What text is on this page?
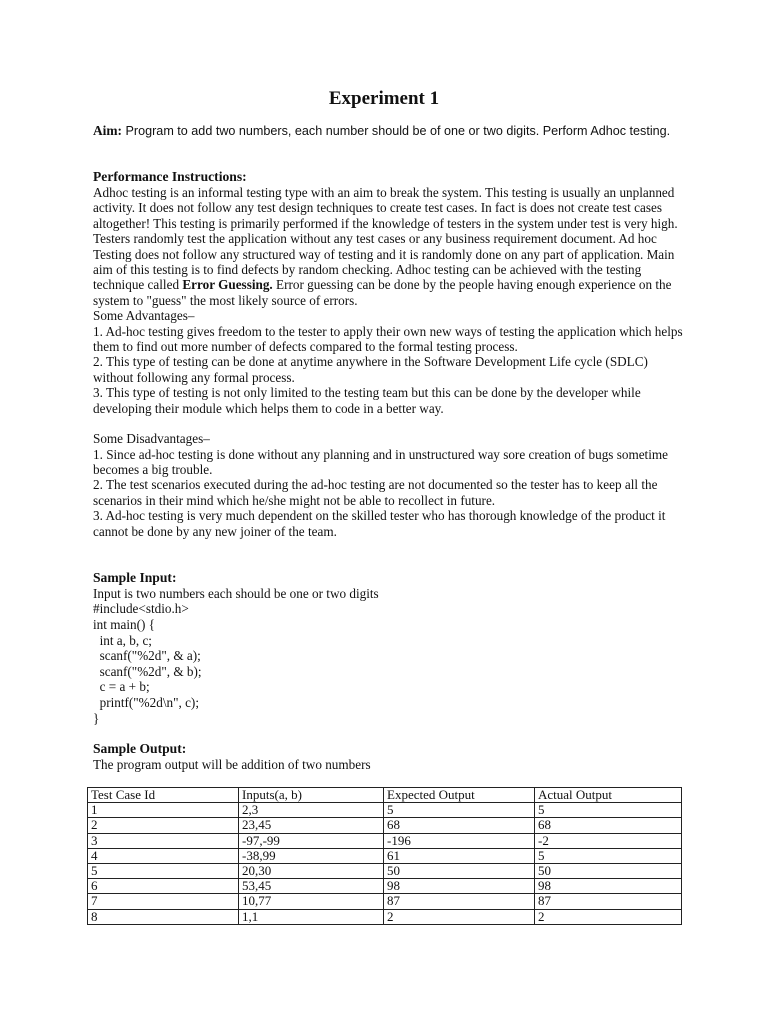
Experiment 1
Aim: Program to add two numbers, each number should be of one or two digits. Perform Adhoc testing.

Performance Instructions:

Adhoc testing is an informal testing type with an aim to break the system. This testing is usually an unplanned activity. It does not follow any test design techniques to create test cases. In fact is does not create test cases altogether! This testing is primarily performed if the knowledge of testers in the system under test is very high. Testers randomly test the application without any test cases or any business requirement document. Ad hoc Testing does not follow any structured way of testing and it is randomly done on any part of application. Main aim of this testing is to find defects by random checking. Adhoc testing can be achieved with the testing technique called Error Guessing. Error guessing can be done by the people having enough experience on the system to "guess" the most likely source of errors.

Some Advantages–

1. Ad-hoc testing gives freedom to the tester to apply their own new ways of testing the application which helps them to find out more number of defects compared to the formal testing process.

2. This type of testing can be done at anytime anywhere in the Software Development Life cycle (SDLC) without following any formal process.

3. This type of testing is not only limited to the testing team but this can be done by the developer while developing their module which helps them to code in a better way.

Some Disadvantages–

1. Since ad-hoc testing is done without any planning and in unstructured way sore creation of bugs sometime becomes a big trouble.

2. The test scenarios executed during the ad-hoc testing are not documented so the tester has to keep all the scenarios in their mind which he/she might not be able to recollect in future.

3. Ad-hoc testing is very much dependent on the skilled tester who has thorough knowledge of the product it cannot be done by any new joiner of the team.

Sample Input:

Input is two numbers each should be one or two digits

#include<stdio.h>
int main() {
int a, b, c;
scanf("%2d", & a);
scanf("%2d", & b);
c = a + b;
printf("%2d\n", c);
}

Sample Output:

The program output will be addition of two numbers

Test Case Id	Inputs(a, b)	Expected Output	Actual Output
1	2,3	5	5
2	23,45	68	68
3	-97,-99	-196	-2
4	-38,99	61	5
5	20,30	50	50
6	53,45	98	98
7	10,77	87	87
8	1,1	2	2
